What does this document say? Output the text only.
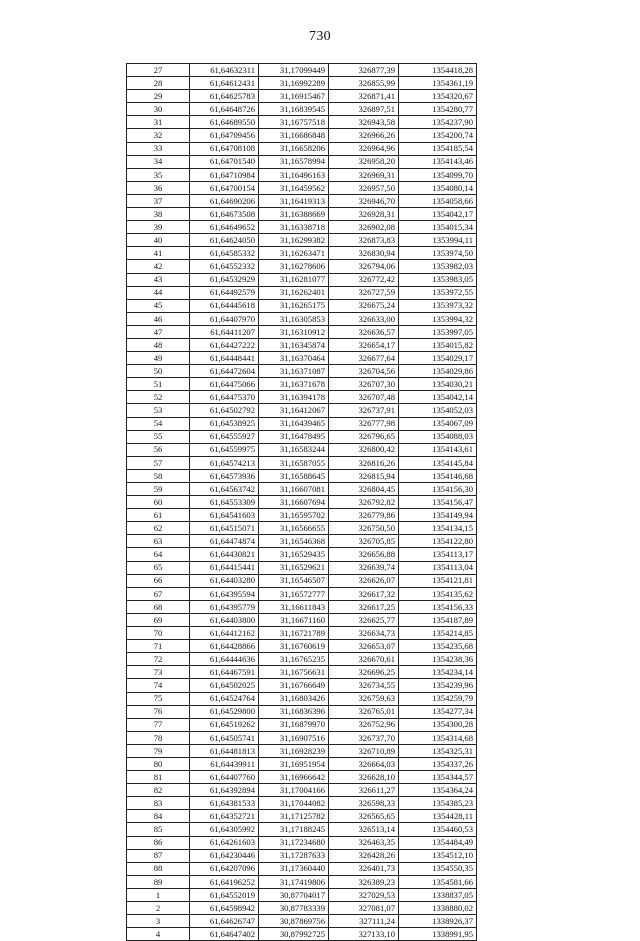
730
27	61,64632311	31,17099449	326877,39	1354418,28
28	61,64612431	31,16992289	326855,99	1354361,19
29	61,64625783	31,16915467	326871,41	1354320,67
30	61,64648726	31,16839545	326897,51	1354280,77
31	61,64689550	31,16757518	326943,58	1354237,90
32	61,64709456	31,16686848	326966,26	1354200,74
33	61,64708108	31,16658206	326964,96	1354185,54
34	61,64701540	31,16578994	326958,20	1354143,46
35	61,64710984	31,16496163	326969,31	1354099,70
36	61,64700154	31,16459562	326957,50	1354080,14
37	61,64690206	31,16419313	326946,70	1354058,66
38	61,64673508	31,16388669	326928,31	1354042,17
39	61,64649652	31,16338718	326902,08	1354015,34
40	61,64624050	31,16299382	326873,83	1353994,11
41	61,64585332	31,16263471	326830,94	1353974,50
42	61,64552332	31,16278606	326794,06	1353982,03
43	61,64532929	31,16281077	326772,42	1353983,05
44	61,64492579	31,16262401	326727,59	1353972,55
45	61,64445618	31,16265175	326675,24	1353973,32
46	61,64407970	31,16305853	326633,00	1353994,32
47	61,64411207	31,16310912	326636,57	1353997,05
48	61,64427222	31,16345874	326654,17	1354015,82
49	61,64448441	31,16370464	326677,64	1354029,17
50	61,64472604	31,16371087	326704,56	1354029,86
51	61,64475066	31,16371678	326707,30	1354030,21
52	61,64475370	31,16394178	326707,48	1354042,14
53	61,64502792	31,16412067	326737,91	1354052,03
54	61,64538925	31,16439465	326777,98	1354067,09
55	61,64555927	31,16478495	326796,65	1354088,03
56	61,64559975	31,16583244	326800,42	1354143,61
57	61,64574213	31,16587055	326816,26	1354145,84
58	61,64573936	31,16588645	326815,94	1354146,68
59	61,64563742	31,16607081	326804,45	1354156,30
60	61,64553309	31,16607694	326792,82	1354156,47
61	61,64541603	31,16595702	326779,86	1354149,94
62	61,64515071	31,16566655	326750,50	1354134,15
63	61,64474874	31,16546368	326705,85	1354122,80
64	61,64430821	31,16529435	326656,88	1354113,17
65	61,64415441	31,16529621	326639,74	1354113,04
66	61,64403280	31,16546507	326626,07	1354121,81
67	61,64395594	31,16572777	326617,32	1354135,62
68	61,64395779	31,16611843	326617,25	1354156,33
69	61,64403800	31,16671160	326625,77	1354187,89
70	61,64412162	31,16721789	326634,73	1354214,85
71	61,64428866	31,16760619	326653,07	1354235,68
72	61,64444636	31,16765235	326670,61	1354238,36
73	61,64467591	31,16756631	326696,25	1354234,14
74	61,64502025	31,16766649	326734,55	1354239,96
75	61,64524764	31,16803426	326759,63	1354259,79
76	61,64529800	31,16836396	326765,01	1354277,34
77	61,64519262	31,16879970	326752,96	1354300,28
78	61,64505741	31,16907516	326737,70	1354314,68
79	61,64481813	31,16928239	326710,89	1354325,31
80	61,64439911	31,16951954	326664,03	1354337,26
81	61,64407760	31,16966642	326628,10	1354344,57
82	61,64392894	31,17004166	326611,27	1354364,24
83	61,64381533	31,17044082	326598,33	1354385,23
84	61,64352721	31,17125782	326565,65	1354428,11
85	61,64305992	31,17188245	326513,14	1354460,53
86	61,64261603	31,17234680	326463,35	1354484,49
87	61,64230446	31,17287633	326428,26	1354512,10
88	61,64207096	31,17360440	326401,73	1354550,35
89	61,64196252	31,17419806	326389,23	1354581,66
1	61,64552019	30,87704017	327029,53	1338837,05
2	61,64598942	30,87783339	327081,07	1338880,02
3	61,64626747	30,87869756	327111,24	1338926,37
4	61,64647402	30,87992725	327133,10	1338991,95
